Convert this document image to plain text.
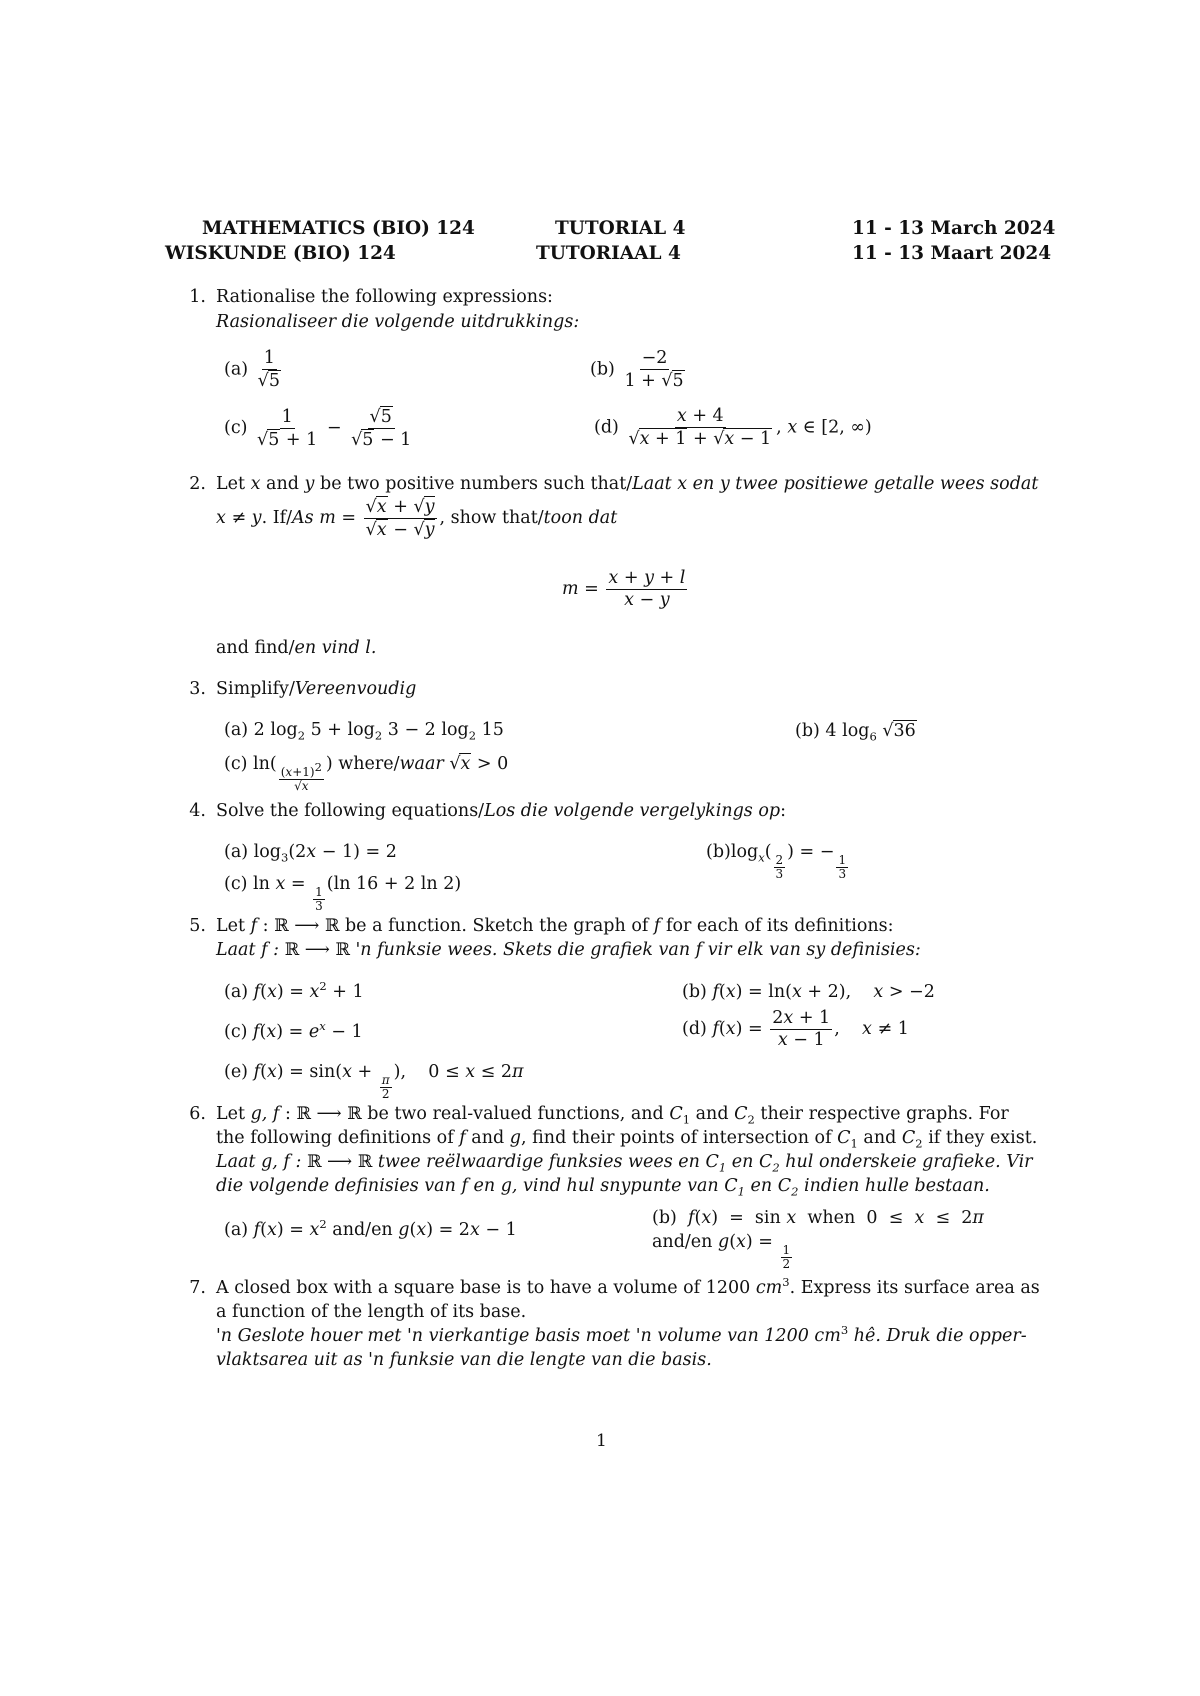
MATHEMATICS (BIO) 124
WISKUNDE (BIO) 124
TUTORIAL 4
TUTORIAAL 4
11 - 13 March 2024
11 - 13 Maart 2024
1. Rationalise the following expressions:
Rasionaliseer die volgende uitdrukkings:
$(a) \frac{1}{√5}$	$(b) \frac{-2}{1 + √5}$
$(c) \frac{1}{√5 + 1} - \frac{√5}{√5 - 1}$	$(d) \frac{x + 4}{√x + 1 + √x - 1}$ , x ∈ [2, ∞)
2. Let x and y be two positive numbers such that/Laat x en y twee positiewe getalle wees sodat
x ≠ y. If/As $m = \frac{√x + √y}{√x - √y}$ , show that/toon dat
$m = \frac{x + y + l}{x - y}$
and find/en vind l.
3. Simplify/Vereenvoudig
(a) 2 $\log_2 5 + \log_2 3 - 2$ $\log_2 15$	(b) 4 $\log_6 √36$
(c) ln(
$\frac{(x+1)^2}{√x}$
) where/waar √x > 0
4. Solve the following equations/Los die volgende vergelykings op:
(a) $\log_3(2x - 1) = 2$	$(b)\log_x$(
$\frac{2}{3}$
) = −
$\frac{1}{3}$
(c) ln x =
$\frac{1}{3}$
(ln 16 + 2 ln 2)
5. Let f : ℝ ⟶ ℝ be a function. Sketch the graph of f for each of its definitions:
Laat f : ℝ ⟶ ℝ 'n funksie wees. Skets die grafiek van f vir elk van sy definisies:
(a) $f(x) = x^2 + 1$	(b) f(x) = ln(x + 2),    x > −2
(c) $f(x) = e^x - 1$	(d) $f(x) = \frac{2x + 1}{x - 1}$ ,    x ≠ 1
(e) f(x) = sin(x +
$\frac{\pi}{2}$
),    0 ≤ x ≤ 2π
6. Let g, f : ℝ ⟶ ℝ be two real-valued functions, and $C_1$ and $C_2$ their respective graphs. For
the following definitions of f and g, find their points of intersection of $C_1$ and $C_2$ if they exist.
Laat g, f : ℝ ⟶ ℝ twee reëlwaardige funksies wees en $C_1$ en $C_2$ hul onderskeie grafieke. Vir
die volgende definisies van f en g, vind hul snypunte van $C_1$ en $C_2$ indien hulle bestaan.
(a) $f(x) = x^2$ and/en g(x) = 2x − 1
(b) f(x)  =  sin x when  0  ≤  x  ≤  2π
and/en g(x) =
$\frac{1}{2}$
7. A closed box with a square base is to have a volume of 1200 $cm^3$. Express its surface area as
a function of the length of its base.
'n Geslote houer met 'n vierkantige basis moet 'n volume van 1200 $cm^3$ hê. Druk die opper-
vlaktsarea uit as 'n funksie van die lengte van die basis.
1
